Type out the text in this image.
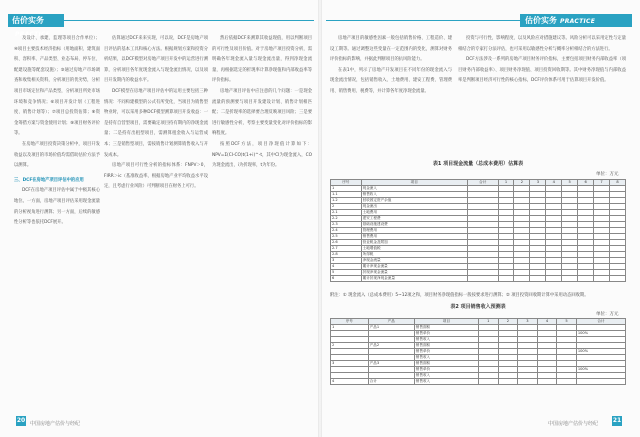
估价实务PRACTICE
估价实务 PRACTICE

及设计、承建、监理等项目合作单位）；④项目主要技术经济指标（用地面积、建筑面积、容积率、产品类型、业态布局、停车位、配建设施等配套设施）；⑤通过房地产市场调查和收集相关资料，分析项目的优劣势，分析项目市场定位和产品类型，分析项目所处市场环境和竞争情况；⑥项目开发计划（工程进度、销售计划等）；⑦项目总投资估算；⑧资金筹措方案与资金使用计划；⑨项目财务评价等。

在房地产项目投资决策分析中，项目开发收益以及项目的市场价值均需借助估价方法予以测算。

三、DCF在房地产项目评估中的应用

DCF在房地产项目评估中属于中极其核心地位。一方面，房地产项目评估采用现金流量的分析视角进行测算；另一方面，后续的敏感性分析等也依托DCF展开。

估算通过DCF来来实现，可以说，DCF是房地产项目评估的基本工具和核心方法。根据规划方案和投资分析结果，以DCF模型对房地产项目开发中的运营进行测算，分析项目各年度现金流入与现金流出情况，以及项目开发期内的收益水平。

DCF模型在房地产项目评估中的运用主要包括三种情况：不同构建模型的公式有所变化，当项目为销售型物业时，可以采用多种DCF模型测算项目开发收益：一是持有自营型项目，需要确定项目持有期内的净现金流量；二是持有出租型项目，需测算租金收入与运营成本；三是销售型项目，需按销售计划测算销售收入与开发成本。

房地产项目可行性分析的指标体系：FNPV＞0，FIRR＞ic（基准收益率，根据房地产业平均收益水平设定，且考虑行业风险）可判断项目在财务上可行。

然后依据DCF来测算其收益现值，用以判断项目的可行性及项目价值。对于房地产项目投资分析，需明确各年现金流入量与现金流出量，得到净现金流量，再根据选定的折现率计算净现值和内部收益率等评价指标。

房地产项目评估中应注意的几个问题：一是现金流量的预测要与项目开发建设计划、销售计划相匹配；二是折现率的选择要合理反映项目风险；三是要进行敏感性分析，考察主要变量变化对评价指标的影响程度。

按照DCF方法，项目净现值计算如下：NPV=Σ(CI-CO)t(1+i)^-t，其中CI为现金流入，CO为现金流出，i为折现率，t为年份。

房地产项目的敏感性因素一般包括销售价格、工程造价、建设工期等。通过调整这些变量在一定范围内的变化，测算对财务评价指标的影响，并据此判断项目的抗风险能力。

在表1中，列示了房地产开发项目在不同年份的现金流入与现金流出情况，包括销售收入、土地费用、建安工程费、管理费用、销售费用、税费等，并计算各年度净现金流量。

投资与可行性，影响程度、以及风险应对措施建议等。风险分析可以采用定性与定量相结合的专家打分法评估，也可采用以敏感性分析与概率分析相结合的方法进行。

DCF方法涉及一系列的房地产项目财务评价指标，主要包括项目财务内部收益率（项目财务内部收益率）、项目财务净现值、项目投资回收期等。其中财务净现值与内部收益率是判断项目经济可行性的核心指标，DCF评价体系可用于估算项目开发价值。

表1 项目现金流量（总成本费用）估算表
单位：万元
序号	项目	合计	1	2	3	4	5	6	7	8
1	现金流入									
1.1	销售收入									
1.2	回收固定资产余值									
2	现金流出									
2.1	土地费用									
2.2	建安工程费									
2.3	基础设施建设费									
2.4	管理费用									
2.5	销售费用									
2.6	营业税金及附加									
2.7	土地增值税									
2.8	所得税									
3	净现金流量									
4	累计净现金流量									
5	折现净现金流量									
6	累计折现净现金流量									
附注：① 现金流入（总成本费用）5~12项之和，项目财务净现值指标一般按要求进行测算；② 项目投资回收期计算中采用动态回收期。
表2 项目销售收入预测表
单位：万元
序号	产品	项目	1	2	3	4	5	合计
1	产品1	销售面积						
		销售单价						100%
		销售收入						
2	产品2	销售面积						
		销售单价						100%
		销售收入						
3	产品3	销售面积						
		销售单价						100%
		销售收入						
4	合计	销售收入						
20 中国房地产估价与经纪	中国房地产估价与经纪 21
